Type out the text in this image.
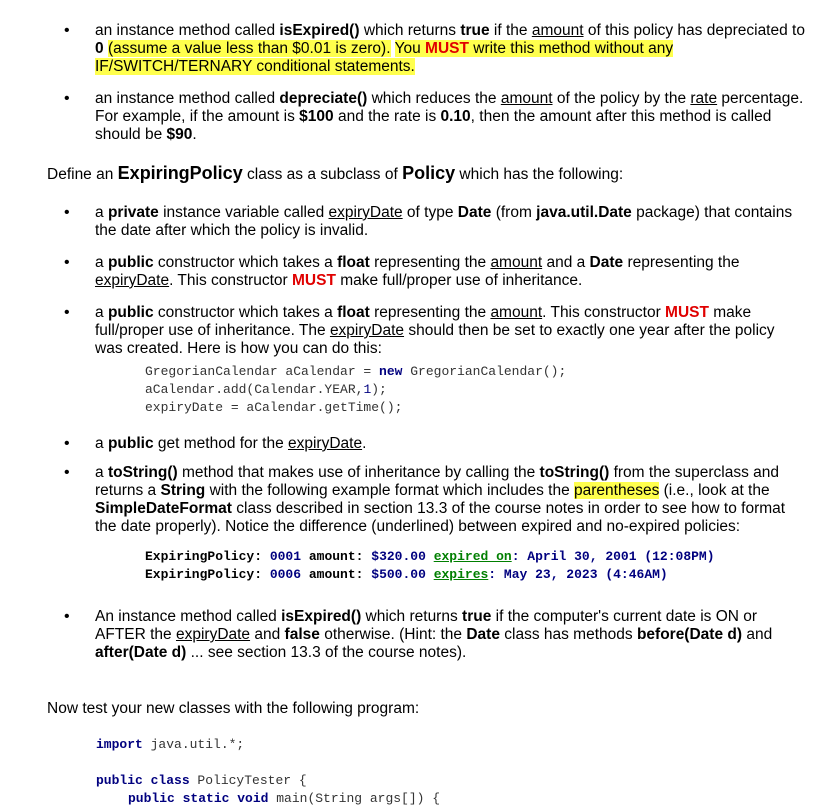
• an instance method called isExpired() which returns true if the amount of this policy has depreciated to 0 (assume a value less than $0.01 is zero). You MUST write this method without any IF/SWITCH/TERNARY conditional statements.
• an instance method called depreciate() which reduces the amount of the policy by the rate percentage. For example, if the amount is $100 and the rate is 0.10, then the amount after this method is called should be $90.
Define an ExpiringPolicy class as a subclass of Policy which has the following:
• a private instance variable called expiryDate of type Date (from java.util.Date package) that contains the date after which the policy is invalid.
• a public constructor which takes a float representing the amount and a Date representing the expiryDate. This constructor MUST make full/proper use of inheritance.
• a public constructor which takes a float representing the amount. This constructor MUST make full/proper use of inheritance. The expiryDate should then be set to exactly one year after the policy was created. Here is how you can do this:
GregorianCalendar aCalendar = new GregorianCalendar();
aCalendar.add(Calendar.YEAR,1);
expiryDate = aCalendar.getTime();
• a public get method for the expiryDate.
• a toString() method that makes use of inheritance by calling the toString() from the superclass and returns a String with the following example format which includes the parentheses (i.e., look at the SimpleDateFormat class described in section 13.3 of the course notes in order to see how to format the date properly). Notice the difference (underlined) between expired and no-expired policies:
ExpiringPolicy: 0001 amount: $320.00 expired on: April 30, 2001 (12:08PM)
ExpiringPolicy: 0006 amount: $500.00 expires: May 23, 2023 (4:46AM)
• An instance method called isExpired() which returns true if the computer's current date is ON or AFTER the expiryDate and false otherwise. (Hint: the Date class has methods before(Date d) and after(Date d) ... see section 13.3 of the course notes).
Now test your new classes with the following program:
import java.util.*;

public class PolicyTester {
public static void main(String args[]) {
